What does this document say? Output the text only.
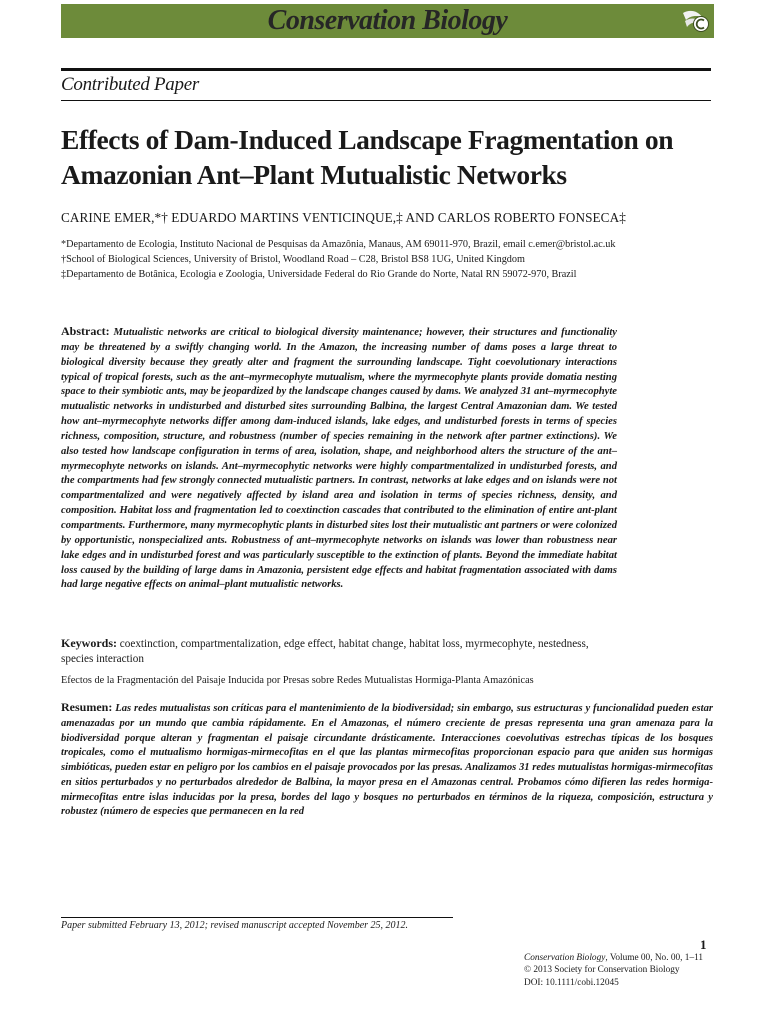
Conservation Biology
Contributed Paper
Effects of Dam-Induced Landscape Fragmentation on Amazonian Ant–Plant Mutualistic Networks
CARINE EMER,*† EDUARDO MARTINS VENTICINQUE,‡ AND CARLOS ROBERTO FONSECA‡
*Departamento de Ecologia, Instituto Nacional de Pesquisas da Amazônia, Manaus, AM 69011-970, Brazil, email c.emer@bristol.ac.uk
†School of Biological Sciences, University of Bristol, Woodland Road – C28, Bristol BS8 1UG, United Kingdom
‡Departamento de Botânica, Ecologia e Zoologia, Universidade Federal do Rio Grande do Norte, Natal RN 59072-970, Brazil
Abstract: Mutualistic networks are critical to biological diversity maintenance; however, their structures and functionality may be threatened by a swiftly changing world. In the Amazon, the increasing number of dams poses a large threat to biological diversity because they greatly alter and fragment the surrounding landscape. Tight coevolutionary interactions typical of tropical forests, such as the ant–myrmecophyte mutualism, where the myrmecophyte plants provide domatia nesting space to their symbiotic ants, may be jeopardized by the landscape changes caused by dams. We analyzed 31 ant–myrmecophyte mutualistic networks in undisturbed and disturbed sites surrounding Balbina, the largest Central Amazonian dam. We tested how ant–myrmecophyte networks differ among dam-induced islands, lake edges, and undisturbed forests in terms of species richness, composition, structure, and robustness (number of species remaining in the network after partner extinctions). We also tested how landscape configuration in terms of area, isolation, shape, and neighborhood alters the structure of the ant–myrmecophyte networks on islands. Ant–myrmecophytic networks were highly compartmentalized in undisturbed forests, and the compartments had few strongly connected mutualistic partners. In contrast, networks at lake edges and on islands were not compartmentalized and were negatively affected by island area and isolation in terms of species richness, density, and composition. Habitat loss and fragmentation led to coextinction cascades that contributed to the elimination of entire ant-plant compartments. Furthermore, many myrmecophytic plants in disturbed sites lost their mutualistic ant partners or were colonized by opportunistic, nonspecialized ants. Robustness of ant–myrmecophyte networks on islands was lower than robustness near lake edges and in undisturbed forest and was particularly susceptible to the extinction of plants. Beyond the immediate habitat loss caused by the building of large dams in Amazonia, persistent edge effects and habitat fragmentation associated with dams had large negative effects on animal–plant mutualistic networks.
Keywords: coextinction, compartmentalization, edge effect, habitat change, habitat loss, myrmecophyte, nestedness, species interaction
Efectos de la Fragmentación del Paisaje Inducida por Presas sobre Redes Mutualistas Hormiga-Planta Amazónicas
Resumen: Las redes mutualistas son críticas para el mantenimiento de la biodiversidad; sin embargo, sus estructuras y funcionalidad pueden estar amenazadas por un mundo que cambia rápidamente. En el Amazonas, el número creciente de presas representa una gran amenaza para la biodiversidad porque alteran y fragmentan el paisaje circundante drásticamente. Interacciones coevolutivas estrechas típicas de los bosques tropicales, como el mutualismo hormigas-mirmecofitas en el que las plantas mirmecofitas proporcionan espacio para que aniden sus hormigas simbióticas, pueden estar en peligro por los cambios en el paisaje provocados por las presas. Analizamos 31 redes mutualistas hormigas-mirmecofitas en sitios perturbados y no perturbados alrededor de Balbina, la mayor presa en el Amazonas central. Probamos cómo difieren las redes hormiga-mirmecofitas entre islas inducidas por la presa, bordes del lago y bosques no perturbados en términos de la riqueza, composición, estructura y robustez (número de especies que permanecen en la red
Paper submitted February 13, 2012; revised manuscript accepted November 25, 2012.
1
Conservation Biology, Volume 00, No. 00, 1–11
© 2013 Society for Conservation Biology
DOI: 10.1111/cobi.12045
